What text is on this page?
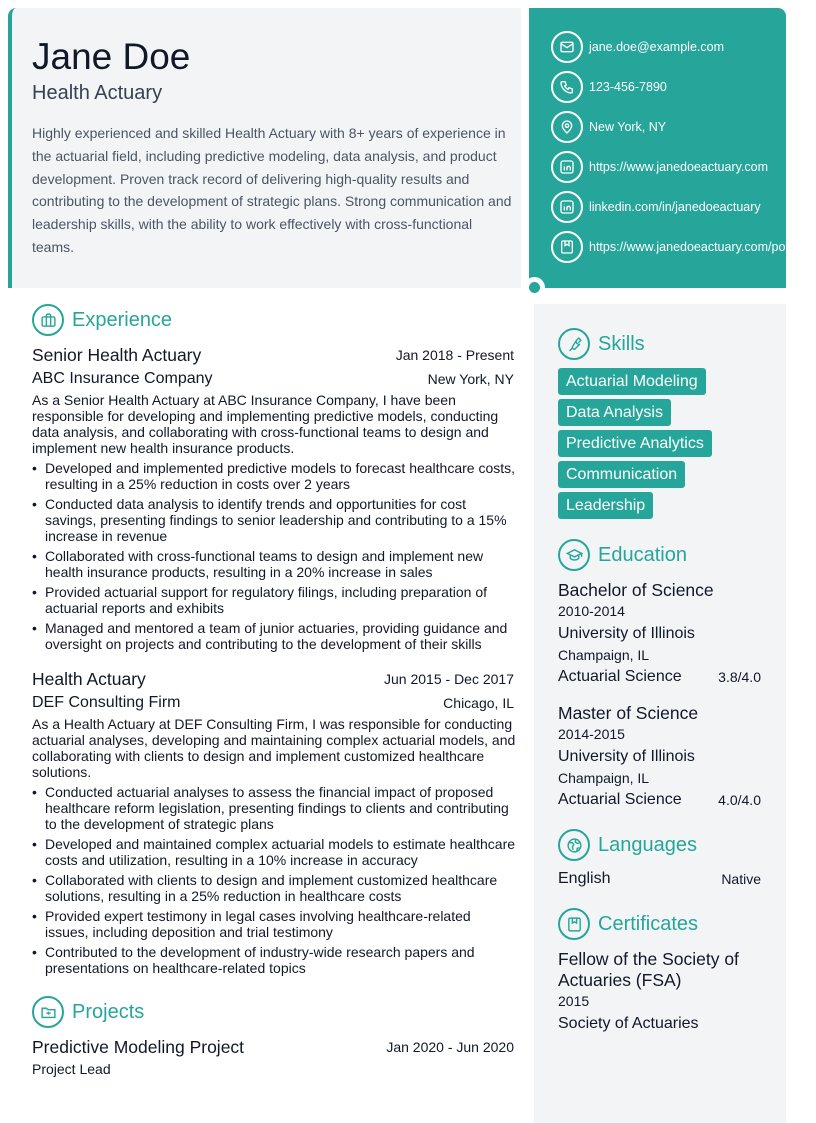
Jane Doe
Health Actuary
Highly experienced and skilled Health Actuary with 8+ years of experience in the actuarial field, including predictive modeling, data analysis, and product development. Proven track record of delivering high-quality results and contributing to the development of strategic plans. Strong communication and leadership skills, with the ability to work effectively with cross-functional teams.
jane.doe@example.com
123-456-7890
New York, NY
https://www.janedoeactuary.com
linkedin.com/in/janedoeactuary
https://www.janedoeactuary.com/portfolio
Experience
Senior Health Actuary	Jan 2018 - Present
ABC Insurance Company	New York, NY
As a Senior Health Actuary at ABC Insurance Company, I have been responsible for developing and implementing predictive models, conducting data analysis, and collaborating with cross-functional teams to design and implement new health insurance products.
• Developed and implemented predictive models to forecast healthcare costs, resulting in a 25% reduction in costs over 2 years
• Conducted data analysis to identify trends and opportunities for cost savings, presenting findings to senior leadership and contributing to a 15% increase in revenue
• Collaborated with cross-functional teams to design and implement new health insurance products, resulting in a 20% increase in sales
• Provided actuarial support for regulatory filings, including preparation of actuarial reports and exhibits
• Managed and mentored a team of junior actuaries, providing guidance and oversight on projects and contributing to the development of their skills
Health Actuary	Jun 2015 - Dec 2017
DEF Consulting Firm	Chicago, IL
As a Health Actuary at DEF Consulting Firm, I was responsible for conducting actuarial analyses, developing and maintaining complex actuarial models, and collaborating with clients to design and implement customized healthcare solutions.
• Conducted actuarial analyses to assess the financial impact of proposed healthcare reform legislation, presenting findings to clients and contributing to the development of strategic plans
• Developed and maintained complex actuarial models to estimate healthcare costs and utilization, resulting in a 10% increase in accuracy
• Collaborated with clients to design and implement customized healthcare solutions, resulting in a 25% reduction in healthcare costs
• Provided expert testimony in legal cases involving healthcare-related issues, including deposition and trial testimony
• Contributed to the development of industry-wide research papers and presentations on healthcare-related topics
Projects
Predictive Modeling Project	Jan 2020 - Jun 2020
Project Lead
Skills
Actuarial Modeling
Data Analysis
Predictive Analytics
Communication
Leadership
Education
Bachelor of Science
2010-2014
University of Illinois
Champaign, IL
Actuarial Science	3.8/4.0
Master of Science
2014-2015
University of Illinois
Champaign, IL
Actuarial Science	4.0/4.0
Languages
English	Native
Certificates
Fellow of the Society of Actuaries (FSA)
2015
Society of Actuaries
